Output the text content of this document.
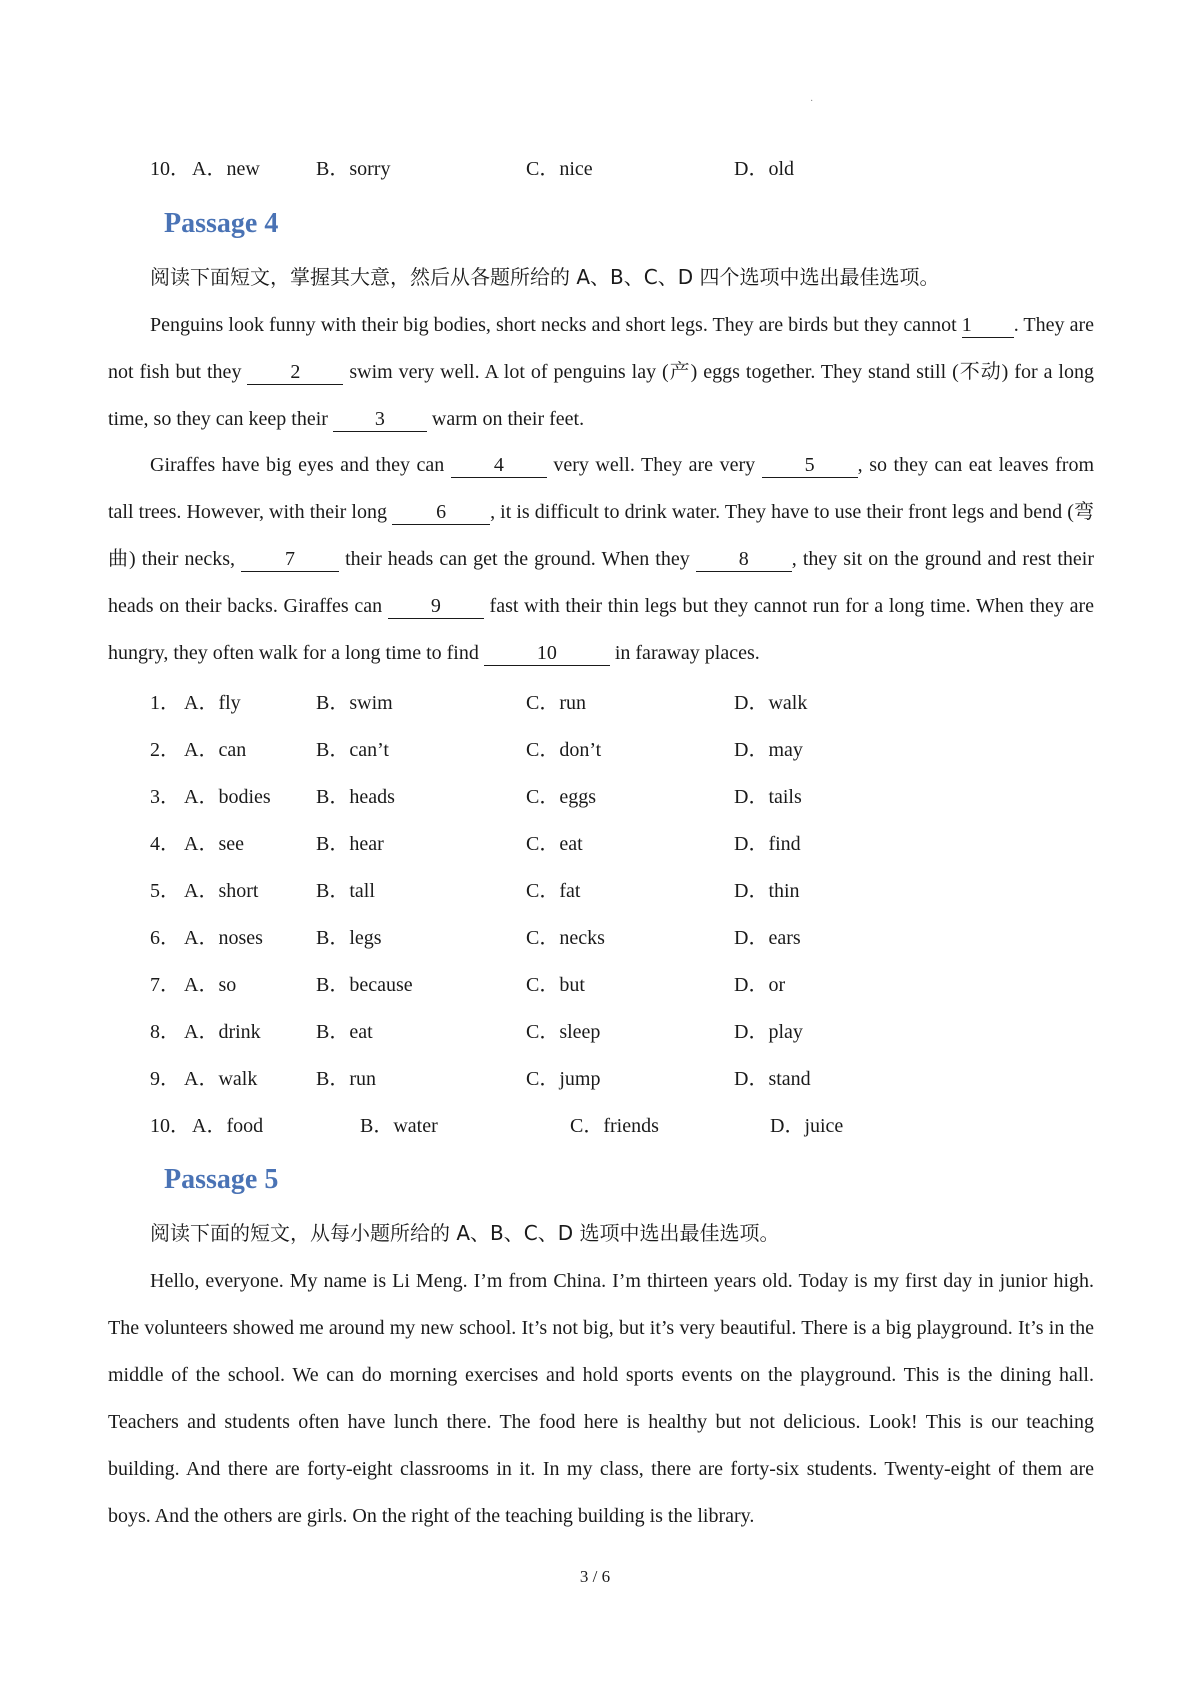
·
10． A．new	B．sorry	C．nice	D．old
Passage 4
阅读下面短文，掌握其大意，然后从各题所给的 A、B、C、D 四个选项中选出最佳选项。
Penguins look funny with their big bodies, short necks and short legs. They are birds but they cannot 1 . They are not fish but they 2 swim very well. A lot of penguins lay (产) eggs together. They stand still (不动) for a long time, so they can keep their 3 warm on their feet.
Giraffes have big eyes and they can 4 very well. They are very 5 , so they can eat leaves from tall trees. However, with their long 6 , it is difficult to drink water. They have to use their front legs and bend (弯曲) their necks, 7 their heads can get the ground. When they 8 , they sit on the ground and rest their heads on their backs. Giraffes can 9 fast with their thin legs but they cannot run for a long time. When they are hungry, they often walk for a long time to find	10	in faraway places.
1． A．fly	B．swim	C．run	D．walk
2． A．can	B．can’t	C．don’t	D．may
3． A．bodies B．heads	C．eggs	D．tails
4． A．see	B．hear	C．eat	D．find
5． A．short	B．tall	C．fat	D．thin
6． A．noses	B．legs	C．necks	D．ears
7． A．so	B．because	C．but	D．or
8． A．drink	B．eat	C．sleep	D．play
9． A．walk	B．run	C．jump	D．stand
10． A．food	B．water	C．friends	D．juice
Passage 5
阅读下面的短文，从每小题所给的 A、B、C、D 选项中选出最佳选项。
Hello, everyone. My name is Li Meng. I’m from China. I’m thirteen years old. Today is my first day in junior high. The volunteers showed me around my new school. It’s not big, but it’s very beautiful. There is a big playground. It’s in the middle of the school. We can do morning exercises and hold sports events on the playground. This is the dining hall. Teachers and students often have lunch there. The food here is healthy but not delicious. Look! This is our teaching building. And there are forty-eight classrooms in it. In my class, there are forty-six students. Twenty-eight of them are boys. And the others are girls. On the right of the teaching building is the library.
3 / 6
